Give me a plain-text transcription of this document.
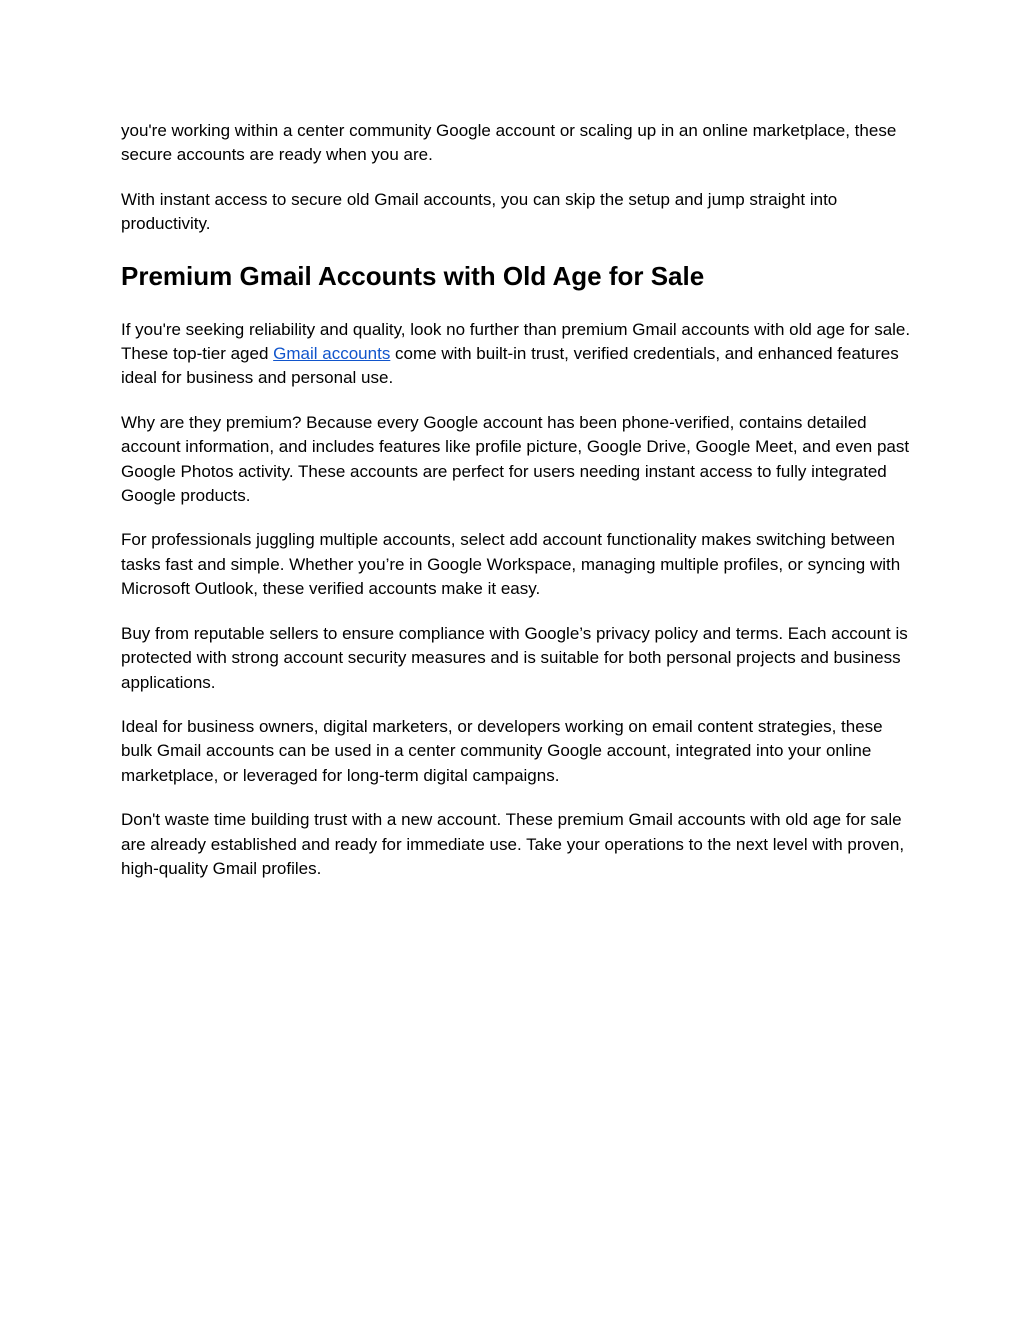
you're working within a center community Google account or scaling up in an online marketplace, these secure accounts are ready when you are.

With instant access to secure old Gmail accounts, you can skip the setup and jump straight into productivity.

Premium Gmail Accounts with Old Age for Sale

If you're seeking reliability and quality, look no further than premium Gmail accounts with old age for sale. These top-tier aged Gmail accounts come with built-in trust, verified credentials, and enhanced features ideal for business and personal use.

Why are they premium? Because every Google account has been phone-verified, contains detailed account information, and includes features like profile picture, Google Drive, Google Meet, and even past Google Photos activity. These accounts are perfect for users needing instant access to fully integrated Google products.

For professionals juggling multiple accounts, select add account functionality makes switching between tasks fast and simple. Whether you’re in Google Workspace, managing multiple profiles, or syncing with Microsoft Outlook, these verified accounts make it easy.

Buy from reputable sellers to ensure compliance with Google’s privacy policy and terms. Each account is protected with strong account security measures and is suitable for both personal projects and business applications.

Ideal for business owners, digital marketers, or developers working on email content strategies, these bulk Gmail accounts can be used in a center community Google account, integrated into your online marketplace, or leveraged for long-term digital campaigns.

Don't waste time building trust with a new account. These premium Gmail accounts with old age for sale are already established and ready for immediate use. Take your operations to the next level with proven, high-quality Gmail profiles.
